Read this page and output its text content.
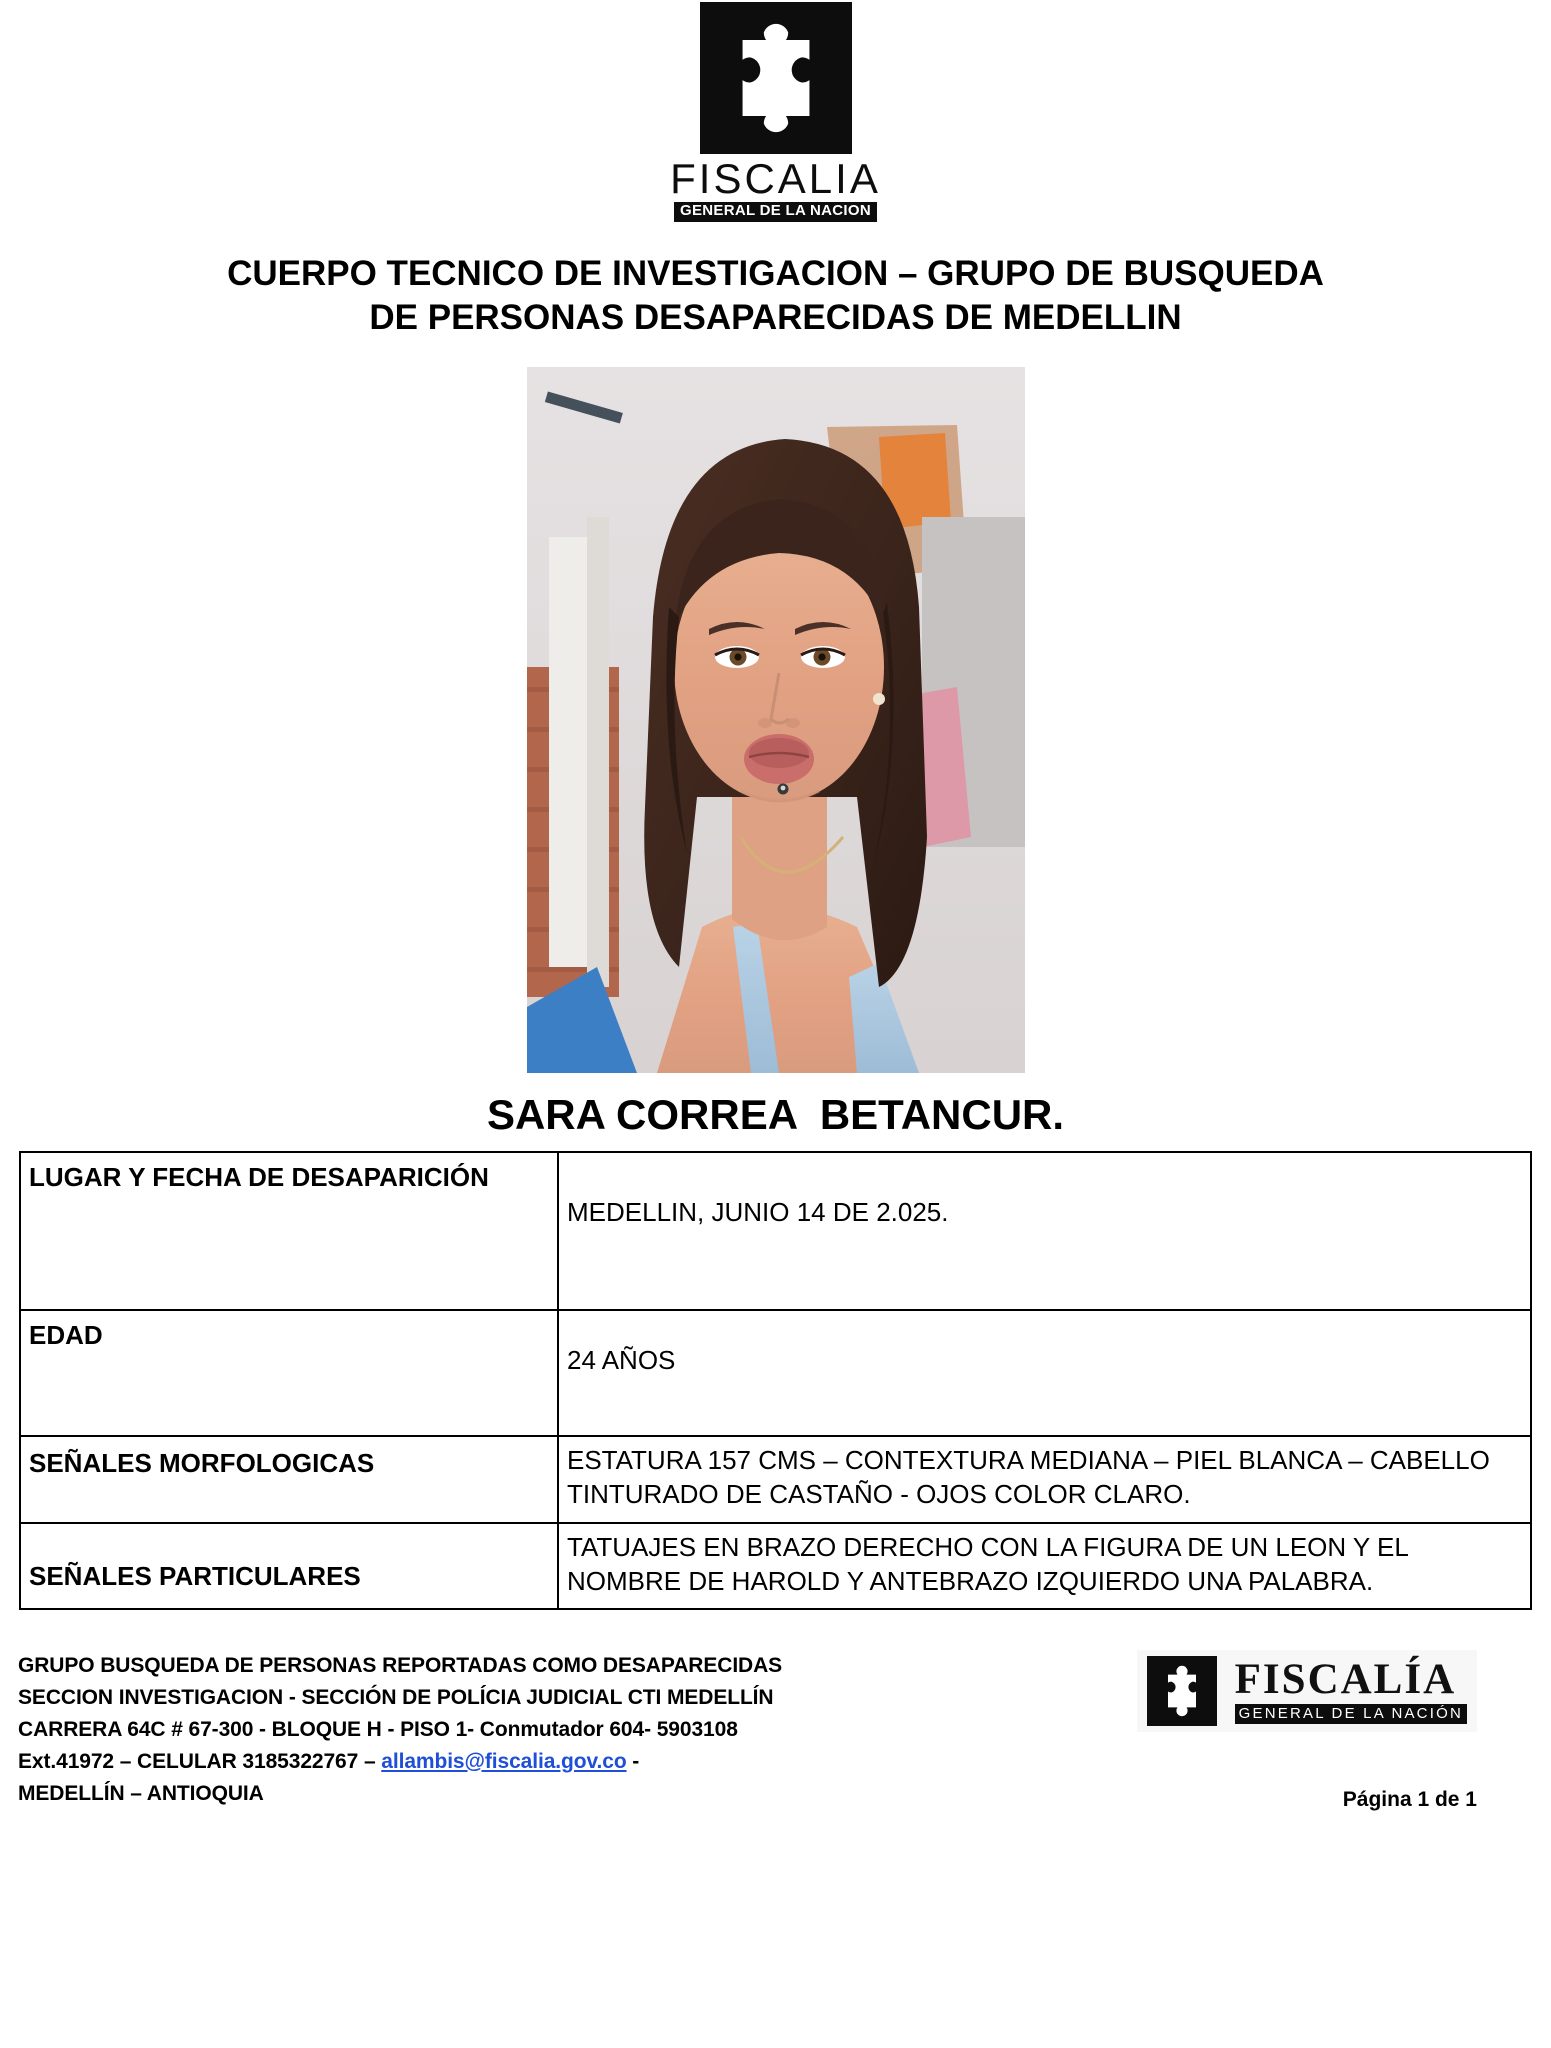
FISCALIA
GENERAL DE LA NACION
CUERPO TECNICO DE INVESTIGACION – GRUPO DE BUSQUEDA
DE PERSONAS DESAPARECIDAS DE MEDELLIN
SARA CORREA  BETANCUR.
LUGAR Y FECHA DE DESAPARICIÓN	MEDELLIN, JUNIO 14 DE 2.025.
EDAD	24 AÑOS
SEÑALES MORFOLOGICAS	ESTATURA 157 CMS – CONTEXTURA MEDIANA – PIEL BLANCA – CABELLO TINTURADO DE CASTAÑO - OJOS COLOR CLARO.
SEÑALES PARTICULARES	TATUAJES EN BRAZO DERECHO CON LA FIGURA DE UN LEON Y EL NOMBRE DE HAROLD Y ANTEBRAZO IZQUIERDO UNA PALABRA.
GRUPO BUSQUEDA DE PERSONAS REPORTADAS COMO DESAPARECIDAS
SECCION INVESTIGACION - SECCIÓN DE POLÍCIA JUDICIAL CTI MEDELLÍN
CARRERA 64C # 67-300 - BLOQUE H - PISO 1- Conmutador 604- 5903108
Ext.41972 – CELULAR 3185322767 – allambis@fiscalia.gov.co -
MEDELLÍN – ANTIOQUIA
FISCALÍA
GENERAL DE LA NACIÓN
Página 1 de 1
